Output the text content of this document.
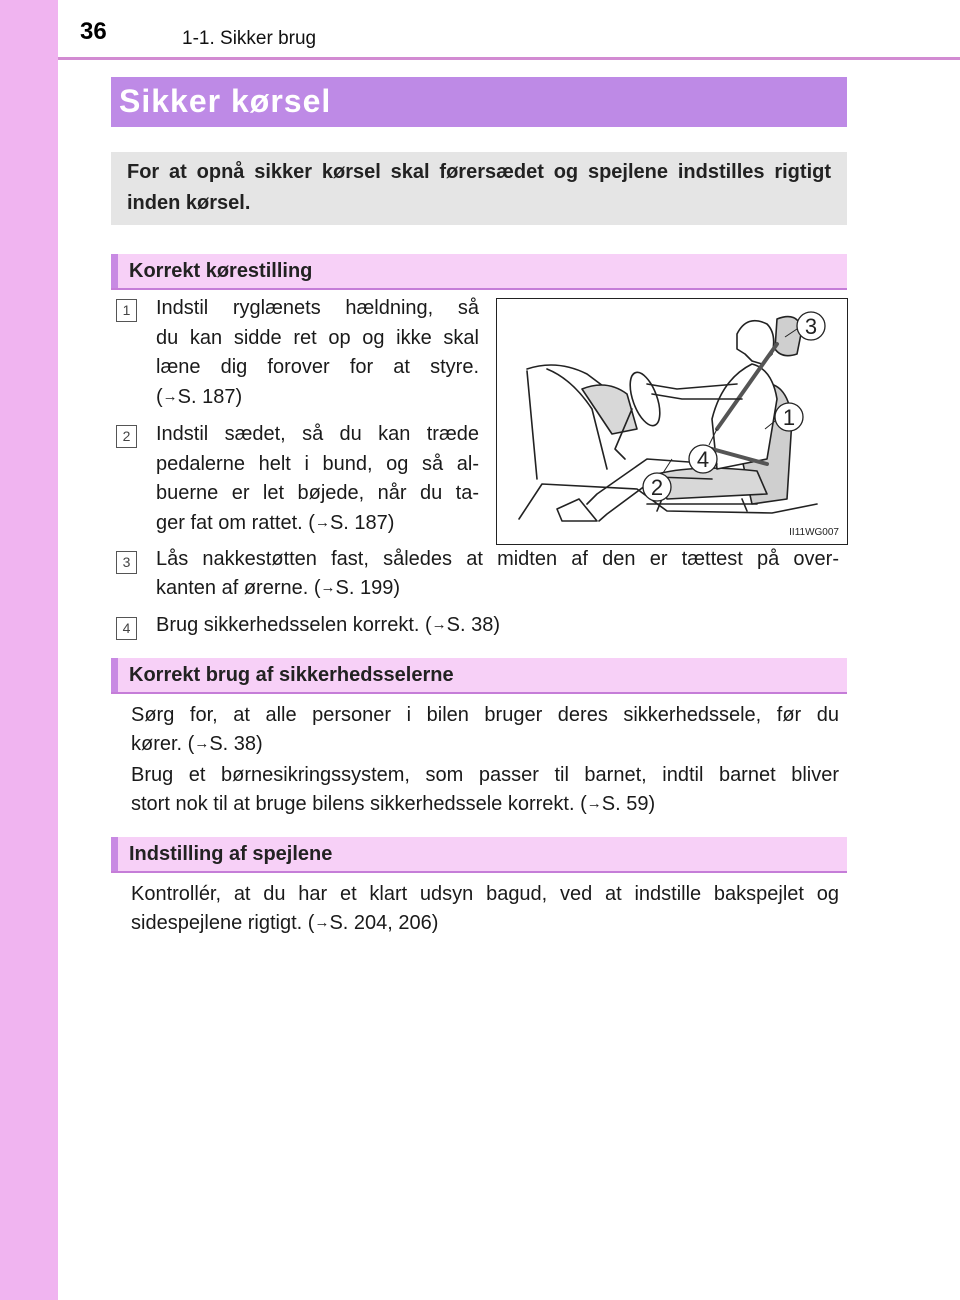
36	1-1. Sikker brug
Sikker kørsel
For at opnå sikker kørsel skal førersædet og spejlene indstilles rigtigt inden kørsel.
Korrekt kørestilling
1	Indstil ryglænets hældning, så
du kan sidde ret op og ikke skal
læne dig forover for at styre.
(→S. 187)
2	Indstil sædet, så du kan træde
pedalerne helt i bund, og så al-
buerne er let bøjede, når du ta-
ger fat om rattet. (→S. 187)
3
1
4
2
II11WG007
3	Lås nakkestøtten fast, således at midten af den er tættest på over-
kanten af ørerne. (→S. 199)
4	Brug sikkerhedsselen korrekt. (→S. 38)
Korrekt brug af sikkerhedsselerne
Sørg for, at alle personer i bilen bruger deres sikkerhedssele, før du
kører. (→S. 38)
Brug et børnesikringssystem, som passer til barnet, indtil barnet bliver
stort nok til at bruge bilens sikkerhedssele korrekt. (→S. 59)
Indstilling af spejlene
Kontrollér, at du har et klart udsyn bagud, ved at indstille bakspejlet og
sidespejlene rigtigt. (→S. 204, 206)
